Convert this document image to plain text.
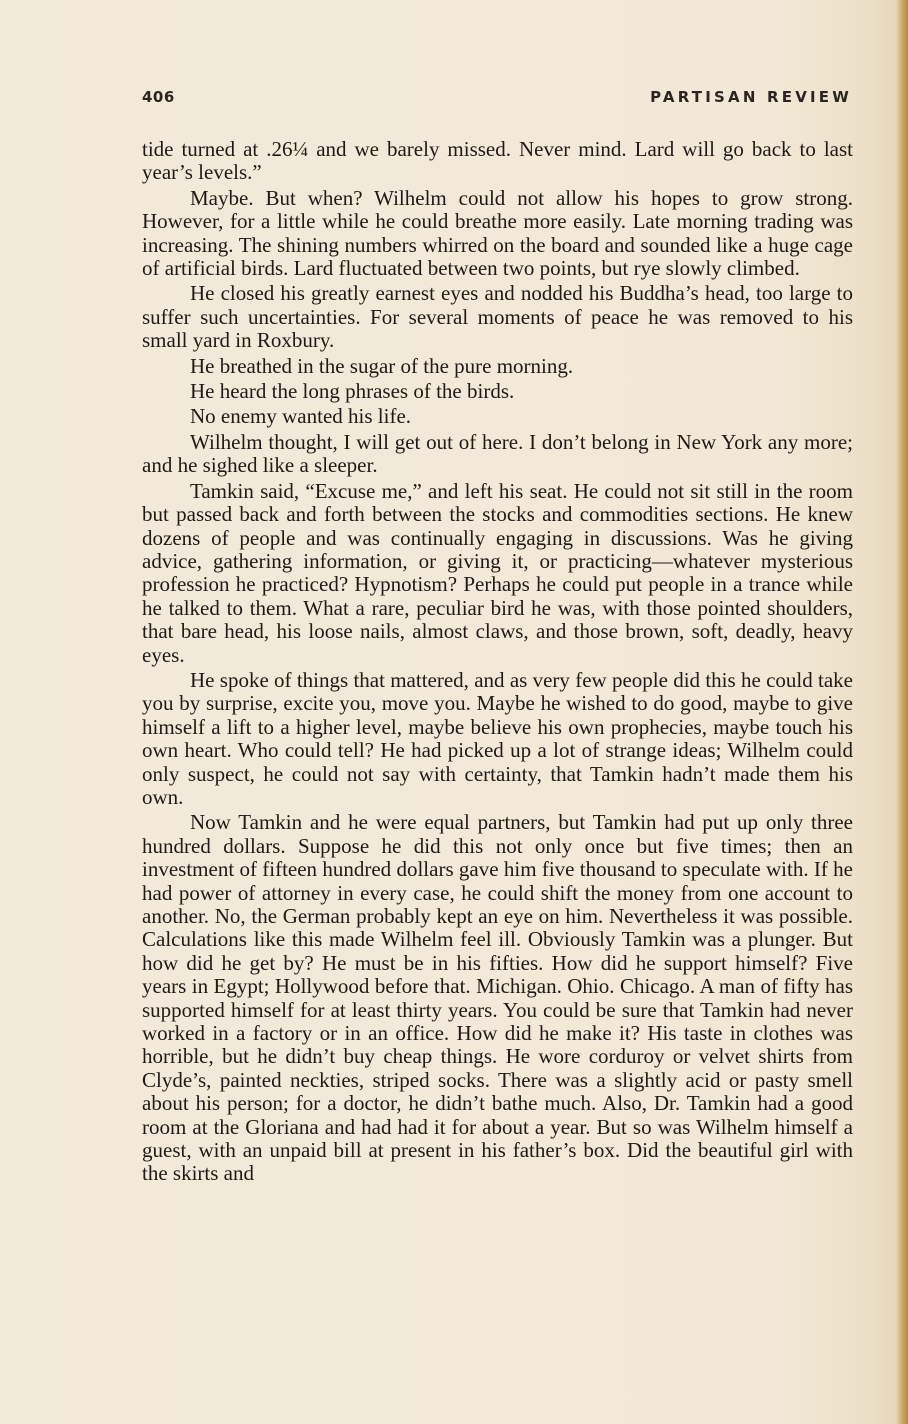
406	PARTISAN REVIEW

tide turned at .26¼ and we barely missed. Never mind. Lard will go back to last year’s levels.”

Maybe. But when? Wilhelm could not allow his hopes to grow strong. However, for a little while he could breathe more easily. Late morning trading was increasing. The shining numbers whirred on the board and sounded like a huge cage of artificial birds. Lard fluctuated between two points, but rye slowly climbed.

He closed his greatly earnest eyes and nodded his Buddha’s head, too large to suffer such uncertainties. For several moments of peace he was removed to his small yard in Roxbury.

He breathed in the sugar of the pure morning.

He heard the long phrases of the birds.

No enemy wanted his life.

Wilhelm thought, I will get out of here. I don’t belong in New York any more; and he sighed like a sleeper.

Tamkin said, “Excuse me,” and left his seat. He could not sit still in the room but passed back and forth between the stocks and commodities sections. He knew dozens of people and was continually engaging in discussions. Was he giving advice, gathering information, or giving it, or practicing—whatever mysterious profession he practiced? Hypnotism? Perhaps he could put people in a trance while he talked to them. What a rare, peculiar bird he was, with those pointed shoulders, that bare head, his loose nails, almost claws, and those brown, soft, deadly, heavy eyes.

He spoke of things that mattered, and as very few people did this he could take you by surprise, excite you, move you. Maybe he wished to do good, maybe to give himself a lift to a higher level, maybe believe his own prophecies, maybe touch his own heart. Who could tell? He had picked up a lot of strange ideas; Wilhelm could only suspect, he could not say with certainty, that Tamkin hadn’t made them his own.

Now Tamkin and he were equal partners, but Tamkin had put up only three hundred dollars. Suppose he did this not only once but five times; then an investment of fifteen hundred dollars gave him five thousand to speculate with. If he had power of attorney in every case, he could shift the money from one account to another. No, the German probably kept an eye on him. Nevertheless it was possible. Calculations like this made Wilhelm feel ill. Obviously Tamkin was a plunger. But how did he get by? He must be in his fifties. How did he support himself? Five years in Egypt; Hollywood before that. Michigan. Ohio. Chicago. A man of fifty has supported himself for at least thirty years. You could be sure that Tamkin had never worked in a factory or in an office. How did he make it? His taste in clothes was horrible, but he didn’t buy cheap things. He wore corduroy or velvet shirts from Clyde’s, painted neckties, striped socks. There was a slightly acid or pasty smell about his person; for a doctor, he didn’t bathe much. Also, Dr. Tamkin had a good room at the Gloriana and had had it for about a year. But so was Wilhelm himself a guest, with an unpaid bill at present in his father’s box. Did the beautiful girl with the skirts and
